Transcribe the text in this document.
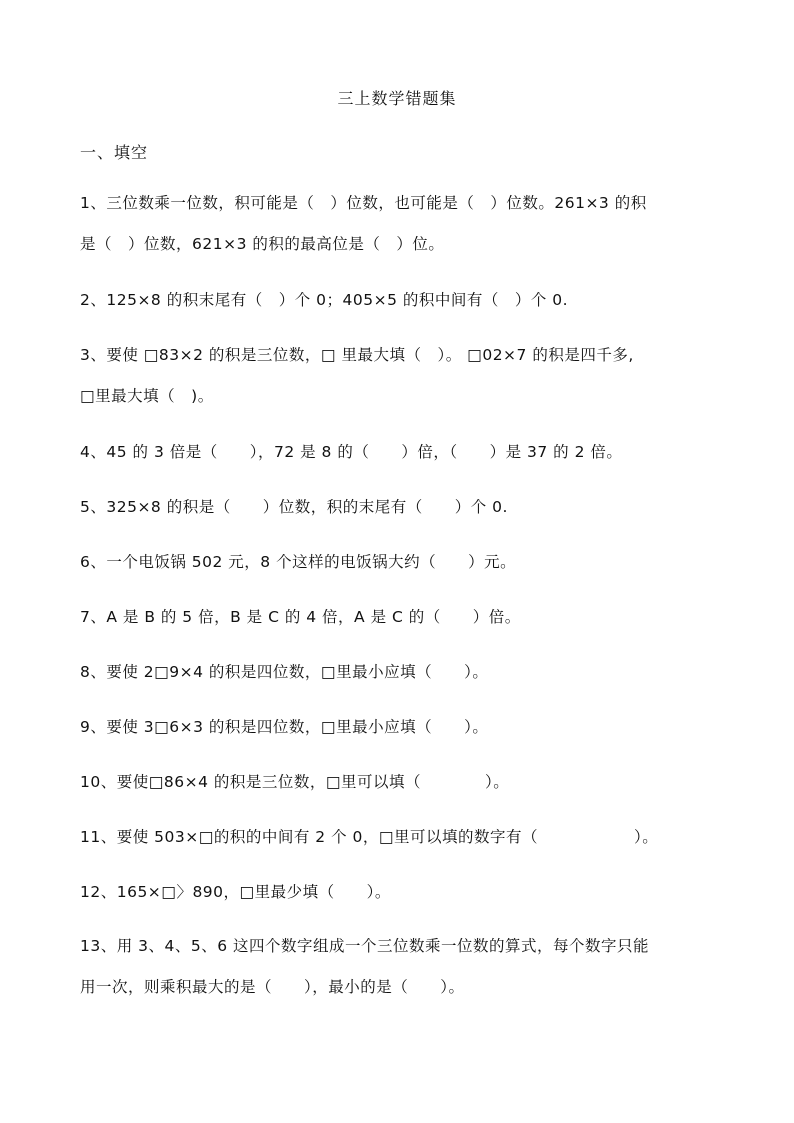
三上数学错题集
一、填空
1、三位数乘一位数，积可能是（　）位数，也可能是（　）位数。261×3 的积
是（　）位数，621×3 的积的最高位是（　）位。
2、125×8 的积末尾有（　）个 0；405×5 的积中间有（　）个 0.
3、要使 □83×2 的积是三位数，□ 里最大填（　）。 □02×7 的积是四千多,
□里最大填（　)。
4、45 的 3 倍是（　　），72 是 8 的（　　）倍，（　　）是 37 的 2 倍。
5、325×8 的积是（　　）位数，积的末尾有（　　）个 0.
6、一个电饭锅 502 元，8 个这样的电饭锅大约（　　）元。
7、A 是 B 的 5 倍，B 是 C 的 4 倍，A 是 C 的（　　）倍。
8、要使 2□9×4 的积是四位数，□里最小应填（　　）。
9、要使 3□6×3 的积是四位数，□里最小应填（　　）。
10、要使□86×4 的积是三位数，□里可以填（　　　　）。
11、要使 503×□的积的中间有 2 个 0，□里可以填的数字有（　　　　　　）。
12、165×□〉890，□里最少填（　　）。
13、用 3、4、5、6 这四个数字组成一个三位数乘一位数的算式，每个数字只能
用一次，则乘积最大的是（　　），最小的是（　　）。
